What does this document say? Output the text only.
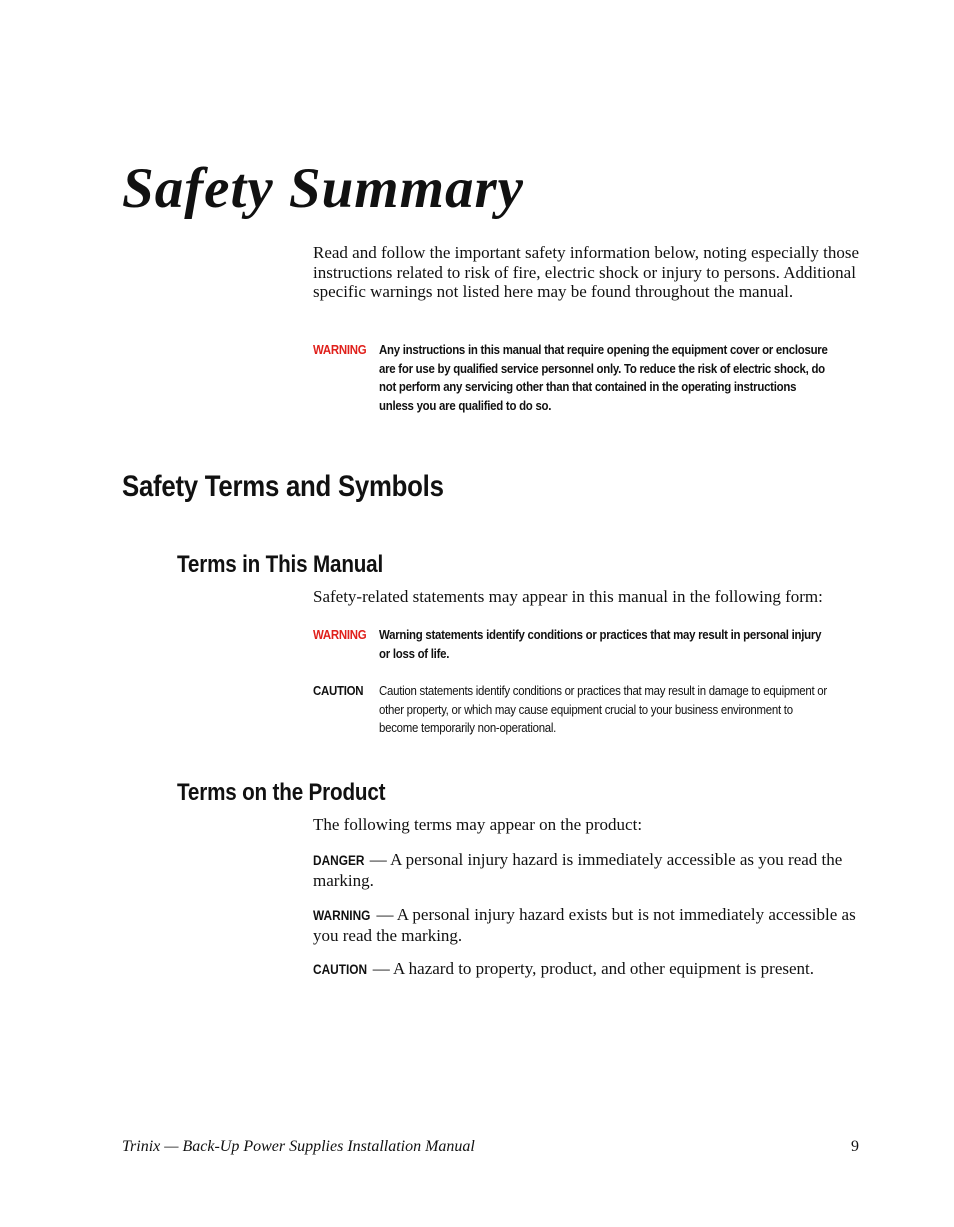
Safety Summary

Read and follow the important safety information below, noting especially those instructions related to risk of fire, electric shock or injury to persons. Additional specific warnings not listed here may be found throughout the manual.

WARNING Any instructions in this manual that require opening the equipment cover or enclosure are for use by qualified service personnel only. To reduce the risk of electric shock, do not perform any servicing other than that contained in the operating instructions unless you are qualified to do so.
Safety Terms and Symbols
Terms in This Manual

Safety-related statements may appear in this manual in the following form:

WARNING Warning statements identify conditions or practices that may result in personal injury or loss of life.
CAUTION Caution statements identify conditions or practices that may result in damage to equipment or other property, or which may cause equipment crucial to your business environment to become temporarily non-operational.
Terms on the Product

The following terms may appear on the product:

DANGER — A personal injury hazard is immediately accessible as you read the marking.

WARNING — A personal injury hazard exists but is not immediately accessible as you read the marking.

CAUTION — A hazard to property, product, and other equipment is present.

Trinix — Back-Up Power Supplies Installation Manual	9
